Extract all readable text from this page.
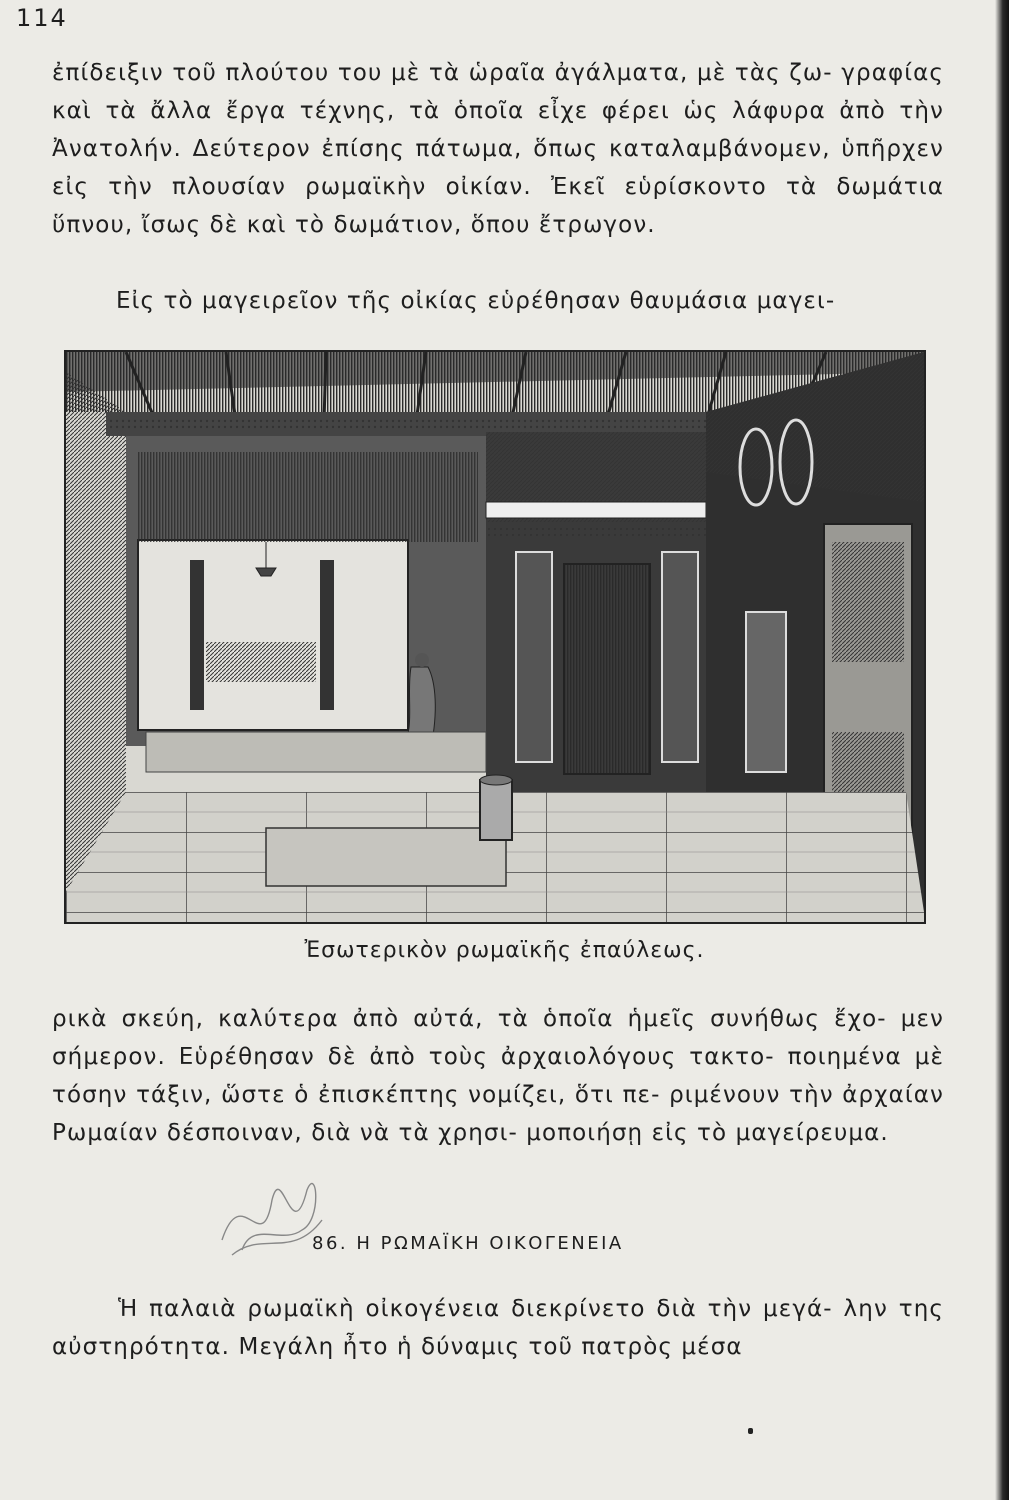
114

ἐπίδειξιν τοῦ πλούτου του μὲ τὰ ὡραῖα ἀγάλματα, μὲ τὰς ζω- γραφίας καὶ τὰ ἄλλα ἔργα τέχνης, τὰ ὁποῖα εἶχε φέρει ὡς λάφυρα ἀπὸ τὴν Ἀνατολήν. Δεύτερον ἐπίσης πάτωμα, ὅπως καταλαμβάνομεν, ὑπῆρχεν εἰς τὴν πλουσίαν ρωμαϊκὴν οἰκίαν. Ἐκεῖ εὑρίσκοντο τὰ δωμάτια ὕπνου, ἴσως δὲ καὶ τὸ δωμάτιον, ὅπου ἔτρωγον.

Εἰς τὸ μαγειρεῖον τῆς οἰκίας εὑρέθησαν θαυμάσια μαγει-

Ἐσωτερικὸν ρωμαϊκῆς ἐπαύλεως.

ρικὰ σκεύη, καλύτερα ἀπὸ αὐτά, τὰ ὁποῖα ἡμεῖς συνήθως ἔχο- μεν σήμερον. Εὑρέθησαν δὲ ἀπὸ τοὺς ἀρχαιολόγους τακτο- ποιημένα μὲ τόσην τάξιν, ὥστε ὁ ἐπισκέπτης νομίζει, ὅτι πε- ριμένουν τὴν ἀρχαίαν Ρωμαίαν δέσποιναν, διὰ νὰ τὰ χρησι- μοποιήσῃ εἰς τὸ μαγείρευμα.

86. Η ΡΩΜΑΪΚΗ ΟΙΚΟΓΕΝΕΙΑ

Ἡ παλαιὰ ρωμαϊκὴ οἰκογένεια διεκρίνετο διὰ τὴν μεγά- λην της αὐστηρότητα. Μεγάλη ἦτο ἡ δύναμις τοῦ πατρὸς μέσα
